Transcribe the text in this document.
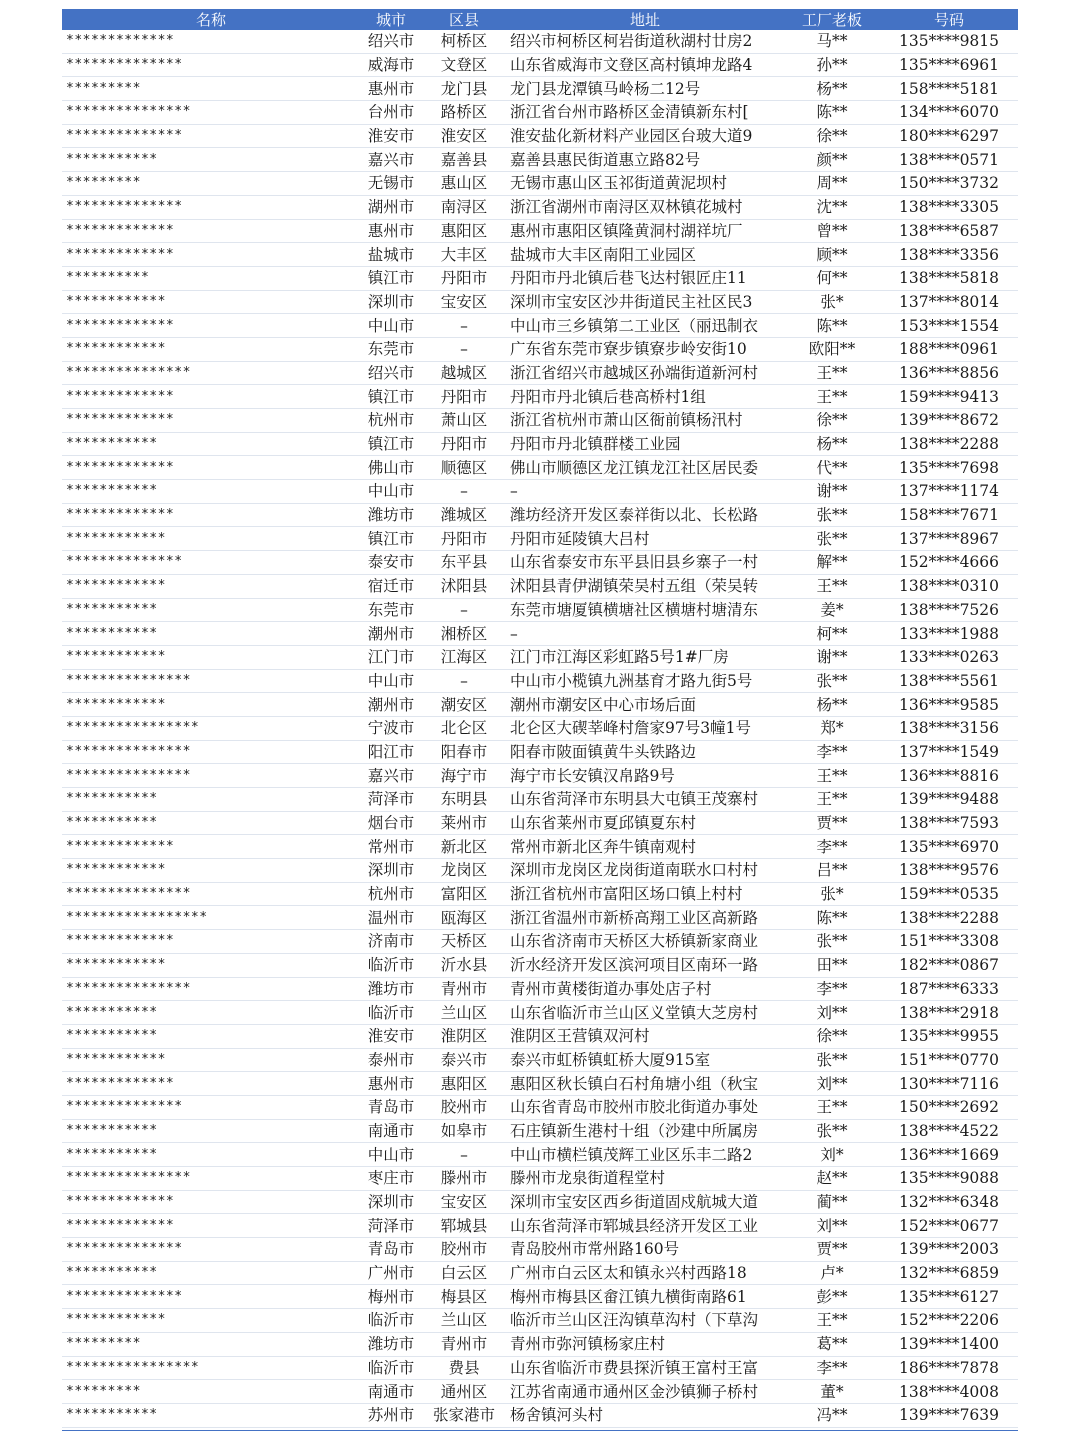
名称	城市	区县	地址	工厂老板	号码
*************	绍兴市	柯桥区	绍兴市柯桥区柯岩街道秋湖村廿房2	马**	135****9815
**************	威海市	文登区	山东省威海市文登区高村镇坤龙路4	孙**	135****6961
*********	惠州市	龙门县	龙门县龙潭镇马岭杨二12号	杨**	158****5181
***************	台州市	路桥区	浙江省台州市路桥区金清镇新东村[	陈**	134****6070
**************	淮安市	淮安区	淮安盐化新材料产业园区台玻大道9	徐**	180****6297
***********	嘉兴市	嘉善县	嘉善县惠民街道惠立路82号	颜**	138****0571
*********	无锡市	惠山区	无锡市惠山区玉祁街道黄泥坝村	周**	150****3732
**************	湖州市	南浔区	浙江省湖州市南浔区双林镇花城村	沈**	138****3305
*************	惠州市	惠阳区	惠州市惠阳区镇隆黄洞村湖祥坑厂	曾**	138****6587
*************	盐城市	大丰区	盐城市大丰区南阳工业园区	顾**	138****3356
**********	镇江市	丹阳市	丹阳市丹北镇后巷飞达村银匠庄11	何**	138****5818
************	深圳市	宝安区	深圳市宝安区沙井街道民主社区民3	张*	137****8014
*************	中山市	–	中山市三乡镇第二工业区（丽迅制衣	陈**	153****1554
************	东莞市	–	广东省东莞市寮步镇寮步岭安街10	欧阳**	188****0961
***************	绍兴市	越城区	浙江省绍兴市越城区孙端街道新河村	王**	136****8856
*************	镇江市	丹阳市	丹阳市丹北镇后巷高桥村1组	王**	159****9413
*************	杭州市	萧山区	浙江省杭州市萧山区衙前镇杨汛村	徐**	139****8672
***********	镇江市	丹阳市	丹阳市丹北镇群楼工业园	杨**	138****2288
*************	佛山市	顺德区	佛山市顺德区龙江镇龙江社区居民委	代**	135****7698
***********	中山市	–	–	谢**	137****1174
*************	潍坊市	潍城区	潍坊经济开发区泰祥街以北、长松路	张**	158****7671
************	镇江市	丹阳市	丹阳市延陵镇大吕村	张**	137****8967
**************	泰安市	东平县	山东省泰安市东平县旧县乡寨子一村	解**	152****4666
************	宿迁市	沭阳县	沭阳县青伊湖镇荣吴村五组（荣吴转	王**	138****0310
***********	东莞市	–	东莞市塘厦镇横塘社区横塘村塘清东	姜*	138****7526
***********	潮州市	湘桥区	–	柯**	133****1988
************	江门市	江海区	江门市江海区彩虹路5号1#厂房	谢**	133****0263
***************	中山市	–	中山市小榄镇九洲基育才路九街5号	张**	138****5561
************	潮州市	潮安区	潮州市潮安区中心市场后面	杨**	136****9585
****************	宁波市	北仑区	北仑区大碶莘峰村詹家97号3幢1号	郑*	138****3156
***************	阳江市	阳春市	阳春市陂面镇黄牛头铁路边	李**	137****1549
***************	嘉兴市	海宁市	海宁市长安镇汉帛路9号	王**	136****8816
***********	菏泽市	东明县	山东省菏泽市东明县大屯镇王茂寨村	王**	139****9488
***********	烟台市	莱州市	山东省莱州市夏邱镇夏东村	贾**	138****7593
*************	常州市	新北区	常州市新北区奔牛镇南观村	李**	135****6970
************	深圳市	龙岗区	深圳市龙岗区龙岗街道南联水口村村	吕**	138****9576
***************	杭州市	富阳区	浙江省杭州市富阳区场口镇上村村	张*	159****0535
*****************	温州市	瓯海区	浙江省温州市新桥高翔工业区高新路	陈**	138****2288
*************	济南市	天桥区	山东省济南市天桥区大桥镇新家商业	张**	151****3308
************	临沂市	沂水县	沂水经济开发区滨河项目区南环一路	田**	182****0867
***************	潍坊市	青州市	青州市黄楼街道办事处店子村	李**	187****6333
***********	临沂市	兰山区	山东省临沂市兰山区义堂镇大芝房村	刘**	138****2918
***********	淮安市	淮阴区	淮阴区王营镇双河村	徐**	135****9955
************	泰州市	泰兴市	泰兴市虹桥镇虹桥大厦915室	张**	151****0770
*************	惠州市	惠阳区	惠阳区秋长镇白石村角塘小组（秋宝	刘**	130****7116
**************	青岛市	胶州市	山东省青岛市胶州市胶北街道办事处	王**	150****2692
***********	南通市	如皋市	石庄镇新生港村十组（沙建中所属房	张**	138****4522
***********	中山市	–	中山市横栏镇茂辉工业区乐丰二路2	刘*	136****1669
***************	枣庄市	滕州市	滕州市龙泉街道程堂村	赵**	135****9088
*************	深圳市	宝安区	深圳市宝安区西乡街道固戍航城大道	蔺**	132****6348
*************	菏泽市	郓城县	山东省菏泽市郓城县经济开发区工业	刘**	152****0677
**************	青岛市	胶州市	青岛胶州市常州路160号	贾**	139****2003
***********	广州市	白云区	广州市白云区太和镇永兴村西路18	卢*	132****6859
**************	梅州市	梅县区	梅州市梅县区畲江镇九横街南路61	彭**	135****6127
************	临沂市	兰山区	临沂市兰山区汪沟镇草沟村（下草沟	王**	152****2206
*********	潍坊市	青州市	青州市弥河镇杨家庄村	葛**	139****1400
****************	临沂市	费县	山东省临沂市费县探沂镇王富村王富	李**	186****7878
*********	南通市	通州区	江苏省南通市通州区金沙镇狮子桥村	董*	138****4008
***********	苏州市	张家港市	杨舍镇河头村	冯**	139****7639
